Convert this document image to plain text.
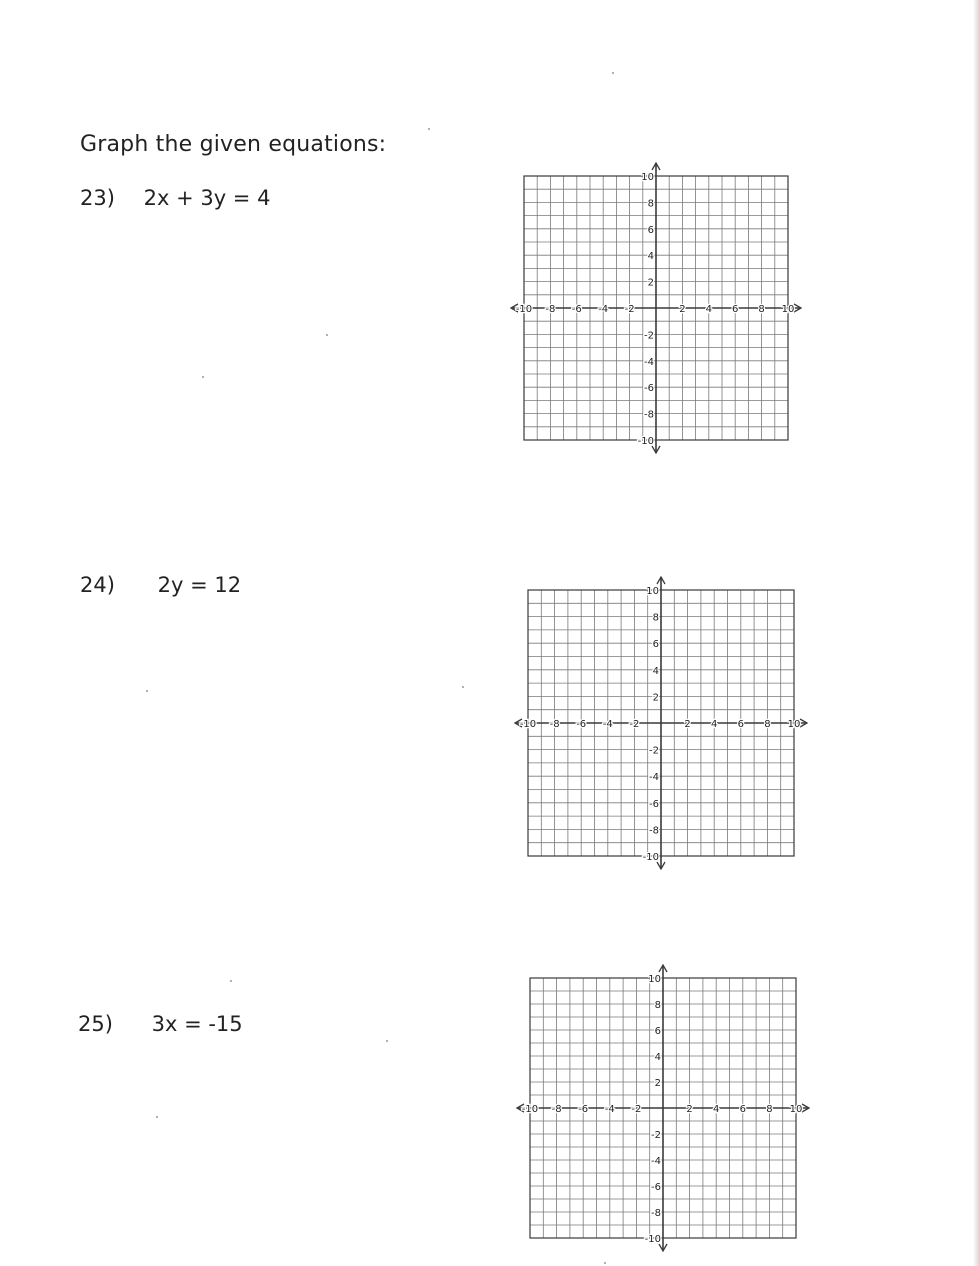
Graph the given equations:
23) 2x + 3y = 4
24) 2y = 12
25) 3x = -15
-10 -8 -6 -4 -2	2 4 6 8 10
10
8
6
4
2
-2
-4
-6
-8
-10
-10 -8 -6 -4 -2	2 4 6 8 10
10
8
6
4
2
-2
-4
-6
-8
-10
-10 -8 -6 -4 -2	2 4 6 8 10
10
8
6
4
2
-2
-4
-6
-8
-10
